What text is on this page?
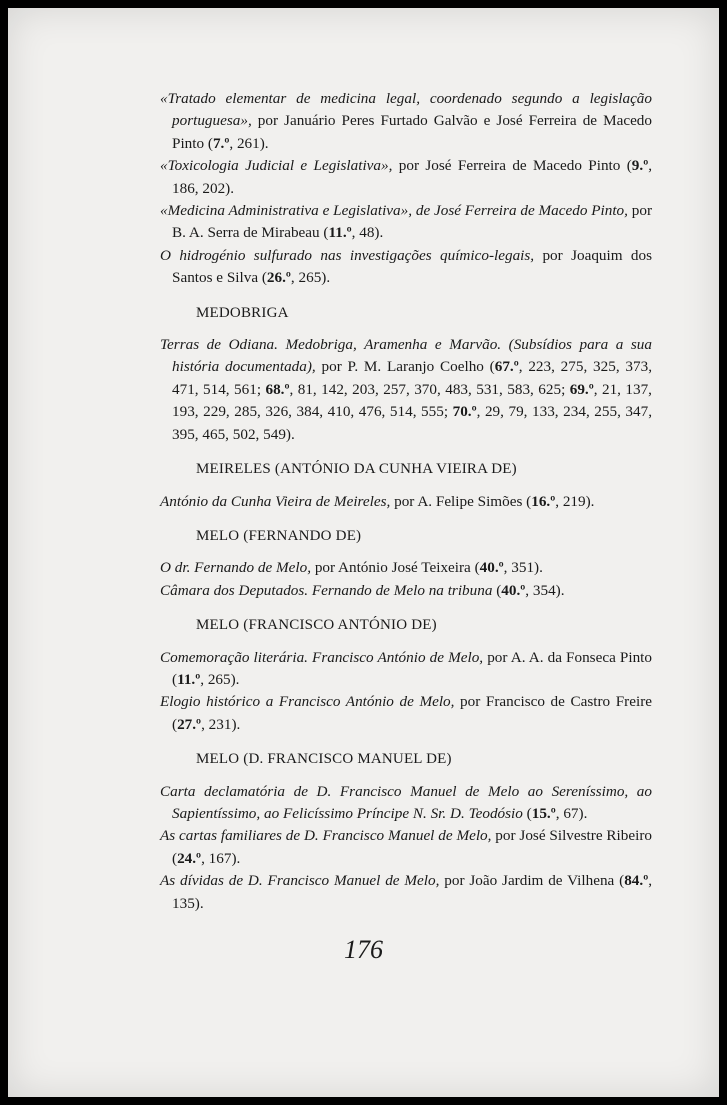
«Tratado elementar de medicina legal, coordenado segundo a legislação portuguesa», por Januário Peres Furtado Galvão e José Ferreira de Macedo Pinto (7.º, 261).

«Toxicologia Judicial e Legislativa», por José Ferreira de Macedo Pinto (9.º, 186, 202).

«Medicina Administrativa e Legislativa», de José Ferreira de Macedo Pinto, por B. A. Serra de Mirabeau (11.º, 48).

O hidrogénio sulfurado nas investigações químico-legais, por Joaquim dos Santos e Silva (26.º, 265).

MEDOBRIGA

Terras de Odiana. Medobriga, Aramenha e Marvão. (Subsídios para a sua história documentada), por P. M. Laranjo Coelho (67.º, 223, 275, 325, 373, 471, 514, 561; 68.º, 81, 142, 203, 257, 370, 483, 531, 583, 625; 69.º, 21, 137, 193, 229, 285, 326, 384, 410, 476, 514, 555; 70.º, 29, 79, 133, 234, 255, 347, 395, 465, 502, 549).

MEIRELES (ANTÓNIO DA CUNHA VIEIRA DE)

António da Cunha Vieira de Meireles, por A. Felipe Simões (16.º, 219).

MELO (FERNANDO DE)

O dr. Fernando de Melo, por António José Teixeira (40.º, 351).

Câmara dos Deputados. Fernando de Melo na tribuna (40.º, 354).

MELO (FRANCISCO ANTÓNIO DE)

Comemoração literária. Francisco António de Melo, por A. A. da Fonseca Pinto (11.º, 265).

Elogio histórico a Francisco António de Melo, por Francisco de Castro Freire (27.º, 231).

MELO (D. FRANCISCO MANUEL DE)

Carta declamatória de D. Francisco Manuel de Melo ao Sereníssimo, ao Sapientíssimo, ao Felicíssimo Príncipe N. Sr. D. Teodósio (15.º, 67).

As cartas familiares de D. Francisco Manuel de Melo, por José Silvestre Ribeiro (24.º, 167).

As dívidas de D. Francisco Manuel de Melo, por João Jardim de Vilhena (84.º, 135).

176
